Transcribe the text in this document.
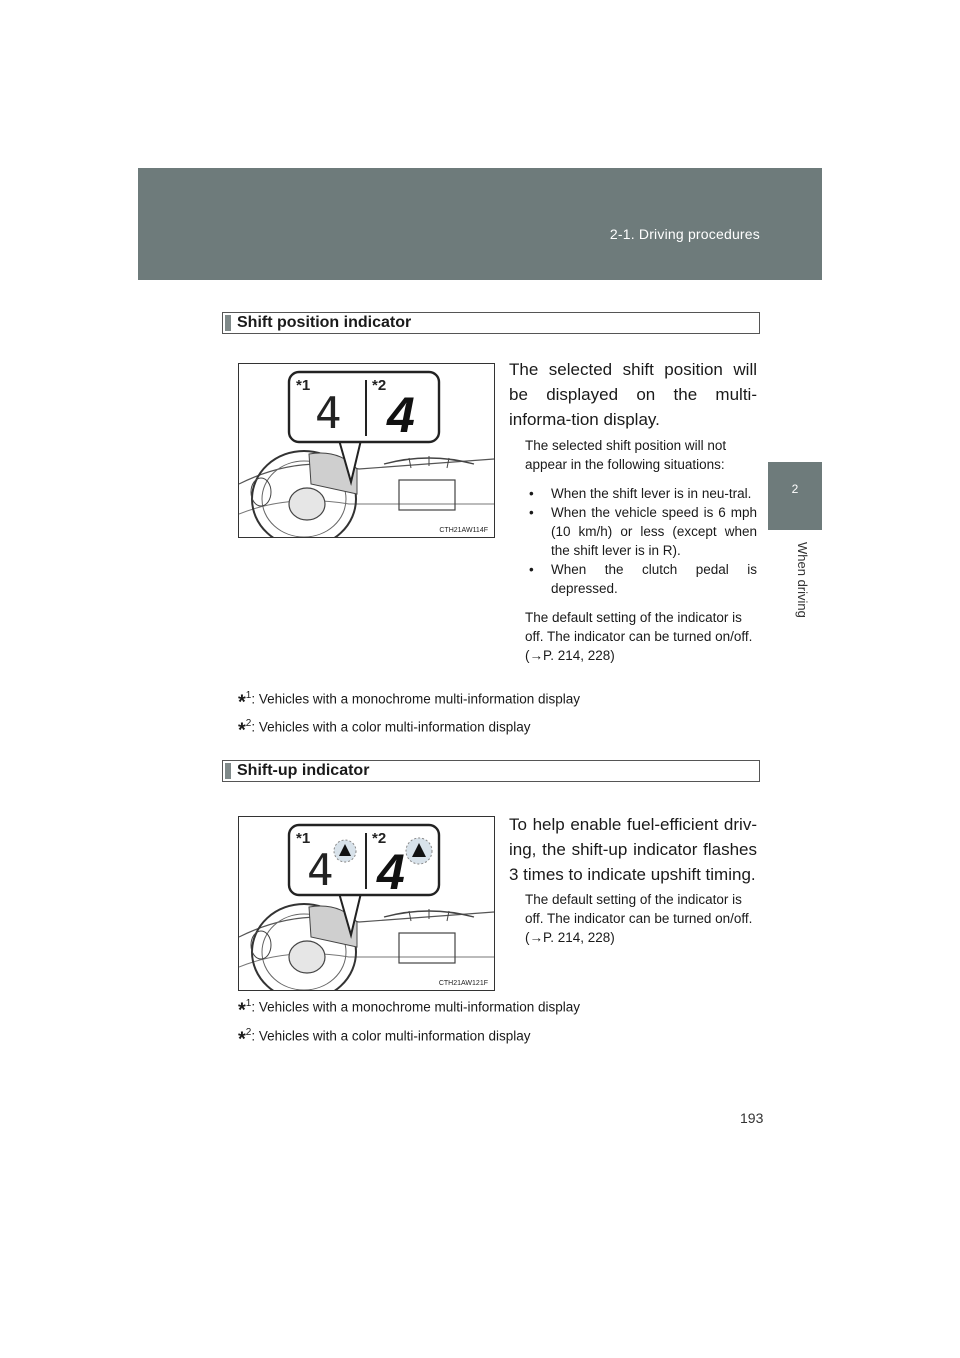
2-1. Driving procedures
2
When driving
Shift position indicator
*1	*2
4 4
CTH21AW114F
The selected shift position will be displayed on the multi-informa-tion display.

The selected shift position will not appear in the following situations:

• When the shift lever is in neu-tral.
• When the vehicle speed is 6 mph (10 km/h) or less (except when the shift lever is in R).
• When the clutch pedal is depressed.

The default setting of the indicator is off. The indicator can be turned on/off. (→P. 214, 228)

*$^1$: Vehicles with a monochrome multi-information display
*$^2$: Vehicles with a color multi-information display
Shift-up indicator
*1	*2
4 4
CTH21AW121F
To help enable fuel-efficient driv-ing, the shift-up indicator flashes 3 times to indicate upshift timing.

The default setting of the indicator is off. The indicator can be turned on/off. (→P. 214, 228)

*$^1$: Vehicles with a monochrome multi-information display
*$^2$: Vehicles with a color multi-information display
193
